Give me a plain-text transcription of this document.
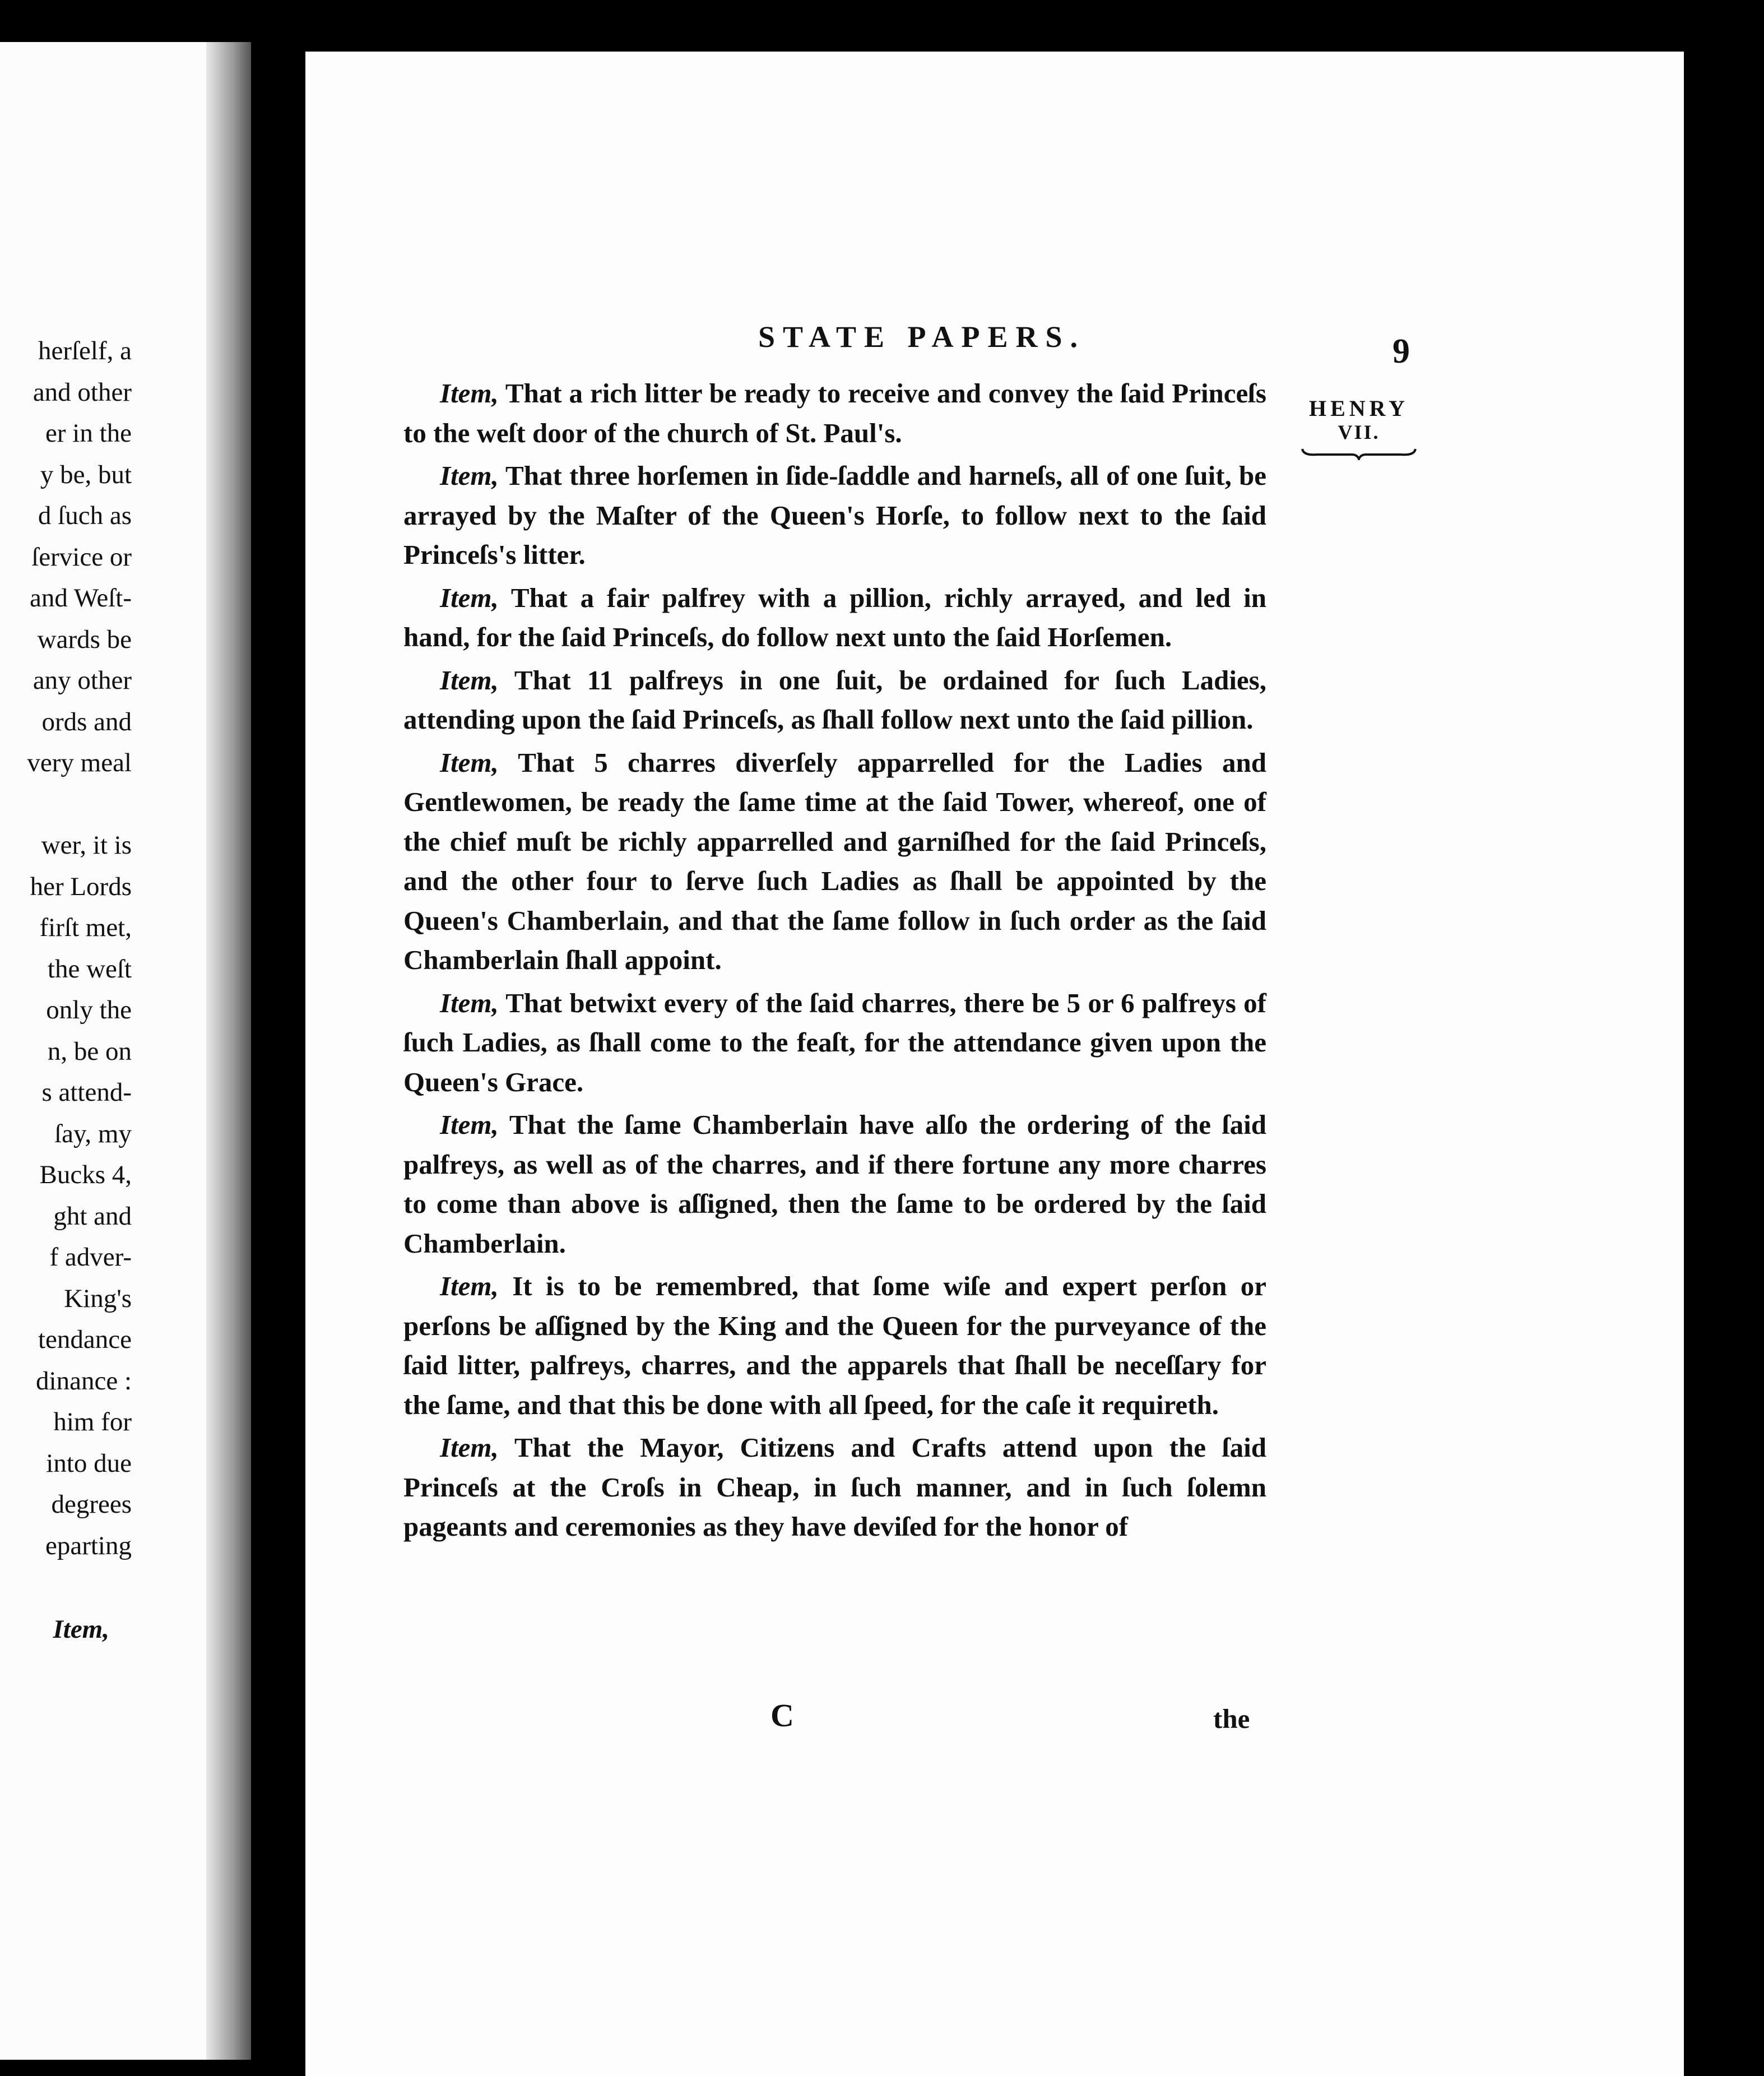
herſelf, a
and other
er in the
y be, but
d ſuch as
ſervice or
and Weſt-
wards be
any other
ords and
very meal
wer, it is
her Lords
firſt met,
the weſt
only the
n, be on
s attend-
ſay, my
Bucks 4,
ght and
f adver-
King's
tendance
dinance :
him for
into due
degrees
eparting
Item,
STATE PAPERS.	9
HENRY
VII.

Item, That a rich litter be ready to receive and convey the ſaid Princeſs to the weſt door of the church of St. Paul's.

Item, That three horſemen in ſide-ſaddle and harneſs, all of one ſuit, be arrayed by the Maſter of the Queen's Horſe, to follow next to the ſaid Princeſs's litter.

Item, That a fair palfrey with a pillion, richly arrayed, and led in hand, for the ſaid Princeſs, do follow next unto the ſaid Horſemen.

Item, That 11 palfreys in one ſuit, be ordained for ſuch Ladies, attending upon the ſaid Princeſs, as ſhall follow next unto the ſaid pillion.

Item, That 5 charres diverſely apparrelled for the Ladies and Gentlewomen, be ready the ſame time at the ſaid Tower, whereof, one of the chief muſt be richly apparrelled and garniſhed for the ſaid Princeſs, and the other four to ſerve ſuch Ladies as ſhall be appointed by the Queen's Chamberlain, and that the ſame follow in ſuch order as the ſaid Chamberlain ſhall appoint.

Item, That betwixt every of the ſaid charres, there be 5 or 6 palfreys of ſuch Ladies, as ſhall come to the feaſt, for the attendance given upon the Queen's Grace.

Item, That the ſame Chamberlain have alſo the ordering of the ſaid palfreys, as well as of the charres, and if there fortune any more charres to come than above is aſſigned, then the ſame to be ordered by the ſaid Chamberlain.

Item, It is to be remembred, that ſome wiſe and expert perſon or perſons be aſſigned by the King and the Queen for the purveyance of the ſaid litter, palfreys, charres, and the apparels that ſhall be neceſſary for the ſame, and that this be done with all ſpeed, for the caſe it requireth.

Item, That the Mayor, Citizens and Crafts attend upon the ſaid Princeſs at the Croſs in Cheap, in ſuch manner, and in ſuch ſolemn pageants and ceremonies as they have deviſed for the honor of

C	the
